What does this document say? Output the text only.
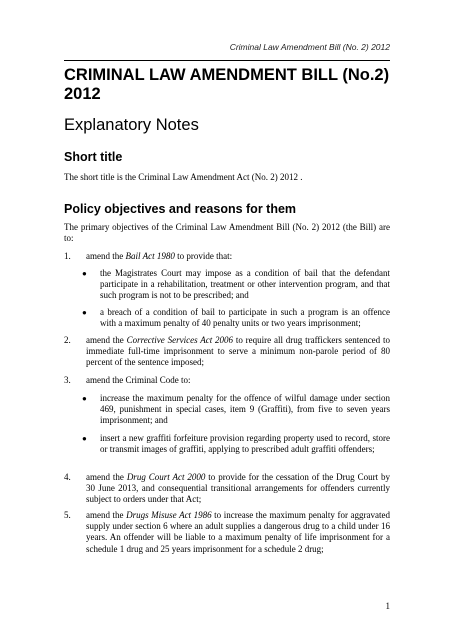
Criminal Law Amendment Bill (No. 2) 2012

CRIMINAL LAW AMENDMENT BILL (No.2)

2012

Explanatory Notes
Short title
The short title is the Criminal Law Amendment Act (No. 2) 2012 .
Policy objectives and reasons for them
The primary objectives of the Criminal Law Amendment Bill (No. 2) 2012 (the Bill) are to:
1. amend the Bail Act 1980 to provide that:
● the Magistrates Court may impose as a condition of bail that the defendant participate in a rehabilitation, treatment or other intervention program, and that such program is not to be prescribed; and
● a breach of a condition of bail to participate in such a program is an offence with a maximum penalty of 40 penalty units or two years imprisonment;
2. amend the Corrective Services Act 2006 to require all drug traffickers sentenced to immediate full-time imprisonment to serve a minimum non-parole period of 80 percent of the sentence imposed;
3. amend the Criminal Code to:
● increase the maximum penalty for the offence of wilful damage under section 469, punishment in special cases, item 9 (Graffiti), from five to seven years imprisonment; and
● insert a new graffiti forfeiture provision regarding property used to record, store or transmit images of graffiti, applying to prescribed adult graffiti offenders;
4. amend the Drug Court Act 2000 to provide for the cessation of the Drug Court by 30 June 2013, and consequential transitional arrangements for offenders currently subject to orders under that Act;
5. amend the Drugs Misuse Act 1986 to increase the maximum penalty for aggravated supply under section 6 where an adult supplies a dangerous drug to a child under 16 years. An offender will be liable to a maximum penalty of life imprisonment for a schedule 1 drug and 25 years imprisonment for a schedule 2 drug;
1
